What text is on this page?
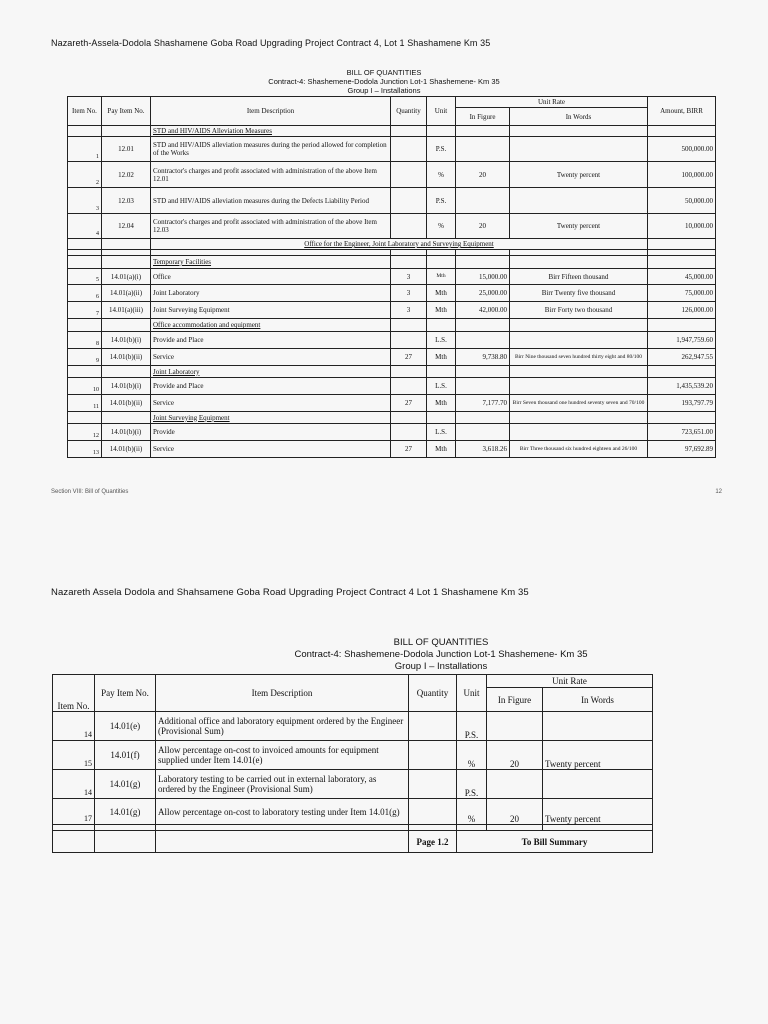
Nazareth-Assela-Dodola Shashamene Goba Road Upgrading Project Contract 4, Lot 1 Shashamene Km 35
BILL OF QUANTITIES
Contract-4: Shashemene-Dodola Junction Lot-1 Shashemene- Km 35
Group I – Installations
Item No.	Pay Item No.	Item Description	Quantity	Unit	Unit Rate		Amount, BIRR
					In Figure	In Words	
		STD and HIV/AIDS Alleviation Measures					
1	12.01	STD and HIV/AIDS alleviation measures during the period allowed for completion of the Works		P.S.			500,000.00
2	12.02	Contractor's charges and profit associated with administration of the above Item 12.01		%	20	Twenty percent	100,000.00
3	12.03	STD and HIV/AIDS alleviation measures during the Defects Liability Period		P.S.			50,000.00
4	12.04	Contractor's charges and profit associated with administration of the above Item 12.03		%	20	Twenty percent	10,000.00
		Office for the Engineer, Joint Laboratory and Surveying Equipment					

		Temporary Facilities					
5	14.01(a)(i)	Office	3	Mth	15,000.00	Birr Fifteen thousand	45,000.00
6	14.01(a)(ii)	Joint Laboratory	3	Mth	25,000.00	Birr Twenty five thousand	75,000.00
7	14.01(a)(iii)	Joint Surveying Equipment	3	Mth	42,000.00	Birr Forty two thousand	126,000.00
		Office accommodation and equipment					
8	14.01(b)(i)	Provide and Place		L.S.			1,947,759.60
9	14.01(b)(ii)	Service	27	Mth	9,738.80	Birr Nine thousand seven hundred thirty eight and 80/100	262,947.55
		Joint Laboratory					
10	14.01(b)(i)	Provide and Place		L.S.			1,435,539.20
11	14.01(b)(ii)	Service	27	Mth	7,177.70	Birr Seven thousand one hundred seventy seven and 70/100	193,797.79
		Joint Surveying Equipment					
12	14.01(b)(i)	Provide		L.S.			723,651.00
13	14.01(b)(ii)	Service	27	Mth	3,618.26	Birr Three thousand six hundred eighteen and 26/100	97,692.89
Section VIII: Bill of Quantities	12
Nazareth Assela Dodola and Shahsamene Goba Road Upgrading Project Contract 4 Lot 1 Shashamene Km 35
BILL OF QUANTITIES
Contract-4: Shashemene-Dodola Junction Lot-1 Shashemene- Km 35
Group I – Installations
Item No.	Pay Item No.	Item Description	Quantity	Unit	Unit Rate	
					In Figure	In Words
14	14.01(e)	Additional office and laboratory equipment ordered by the Engineer (Provisional Sum)		P.S.		
15	14.01(f)	Allow percentage on-cost to invoiced amounts for equipment supplied under Item 14.01(e)		%	20	Twenty percent
14	14.01(g)	Laboratory testing to be carried out in external laboratory, as ordered by the Engineer (Provisional Sum)		P.S.		
17	14.01(g)	Allow percentage on-cost to laboratory testing under Item 14.01(g)		%	20	Twenty percent

			Page 1.2	To Bill Summary		
